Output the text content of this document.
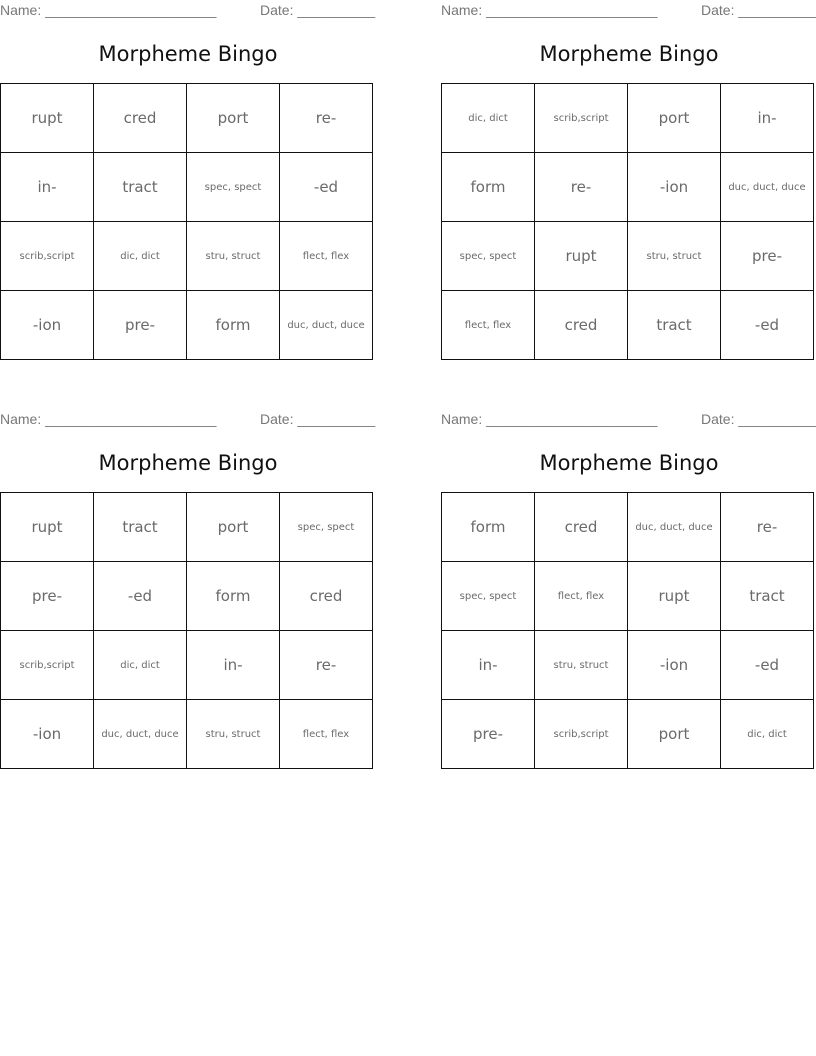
Name: ______________________	Date: __________
Morpheme Bingo
rupt	cred	port	re-
in-	tract	spec, spect	-ed
scrib,script	dic, dict	stru, struct	flect, flex
-ion	pre-	form	duc, duct, duce
Name: ______________________	Date: __________
Morpheme Bingo
dic, dict	scrib,script	port	in-
form	re-	-ion	duc, duct, duce
spec, spect	rupt	stru, struct	pre-
flect, flex	cred	tract	-ed
Name: ______________________	Date: __________
Morpheme Bingo
rupt	tract	port	spec, spect
pre-	-ed	form	cred
scrib,script	dic, dict	in-	re-
-ion	duc, duct, duce	stru, struct	flect, flex
Name: ______________________	Date: __________
Morpheme Bingo
form	cred	duc, duct, duce	re-
spec, spect	flect, flex	rupt	tract
in-	stru, struct	-ion	-ed
pre-	scrib,script	port	dic, dict
